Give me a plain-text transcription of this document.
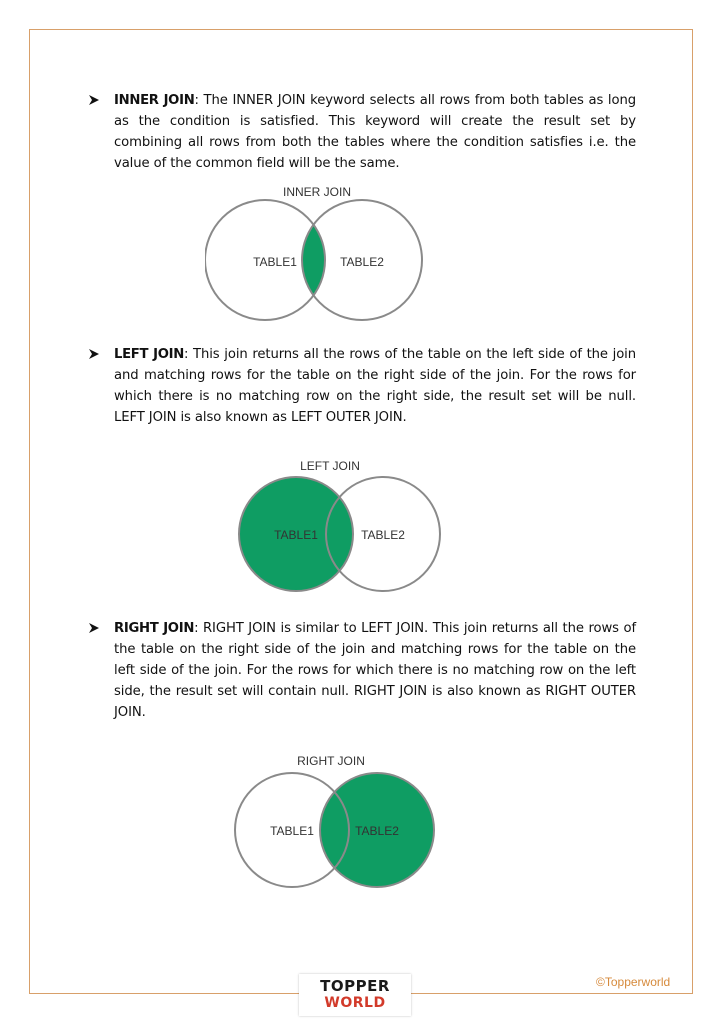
INNER JOIN: The INNER JOIN keyword selects all rows from both tables as long as the condition is satisfied. This keyword will create the result set by combining all rows from both the tables where the condition satisfies i.e. the value of the common field will be the same.

INNER JOIN
TABLE1	TABLE2

LEFT JOIN: This join returns all the rows of the table on the left side of the join and matching rows for the table on the right side of the join. For the rows for which there is no matching row on the right side, the result set will be null. LEFT JOIN is also known as LEFT OUTER JOIN.

LEFT JOIN
TABLE1	TABLE2

RIGHT JOIN: RIGHT JOIN is similar to LEFT JOIN. This join returns all the rows of the table on the right side of the join and matching rows for the table on the left side of the join. For the rows for which there is no matching row on the left side, the result set will contain null. RIGHT JOIN is also known as RIGHT OUTER JOIN.

RIGHT JOIN
TABLE1	TABLE2
TOPPER
WORLD
©Topperworld
